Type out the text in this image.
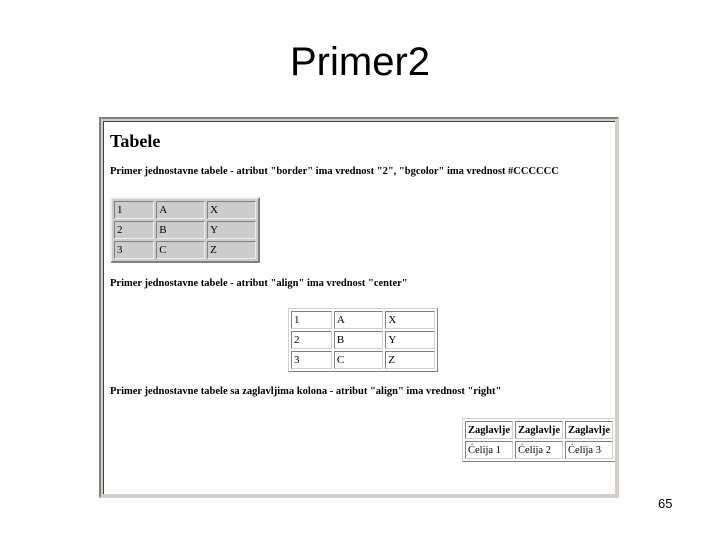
Primer2
Tabele

Primer jednostavne tabele - atribut "border" ima vrednost "2", "bgcolor" ima vrednost #CCCCCC

1	A	X
2	B	Y
3	C	Z

Primer jednostavne tabele - atribut "align" ima vrednost "center"

1	A	X
2	B	Y
3	C	Z

Primer jednostavne tabele sa zaglavljima kolona - atribut "align" ima vrednost "right"

Zaglavlje	Zaglavlje	Zaglavlje
Ćelija 1	Ćelija 2	Ćelija 3
65
